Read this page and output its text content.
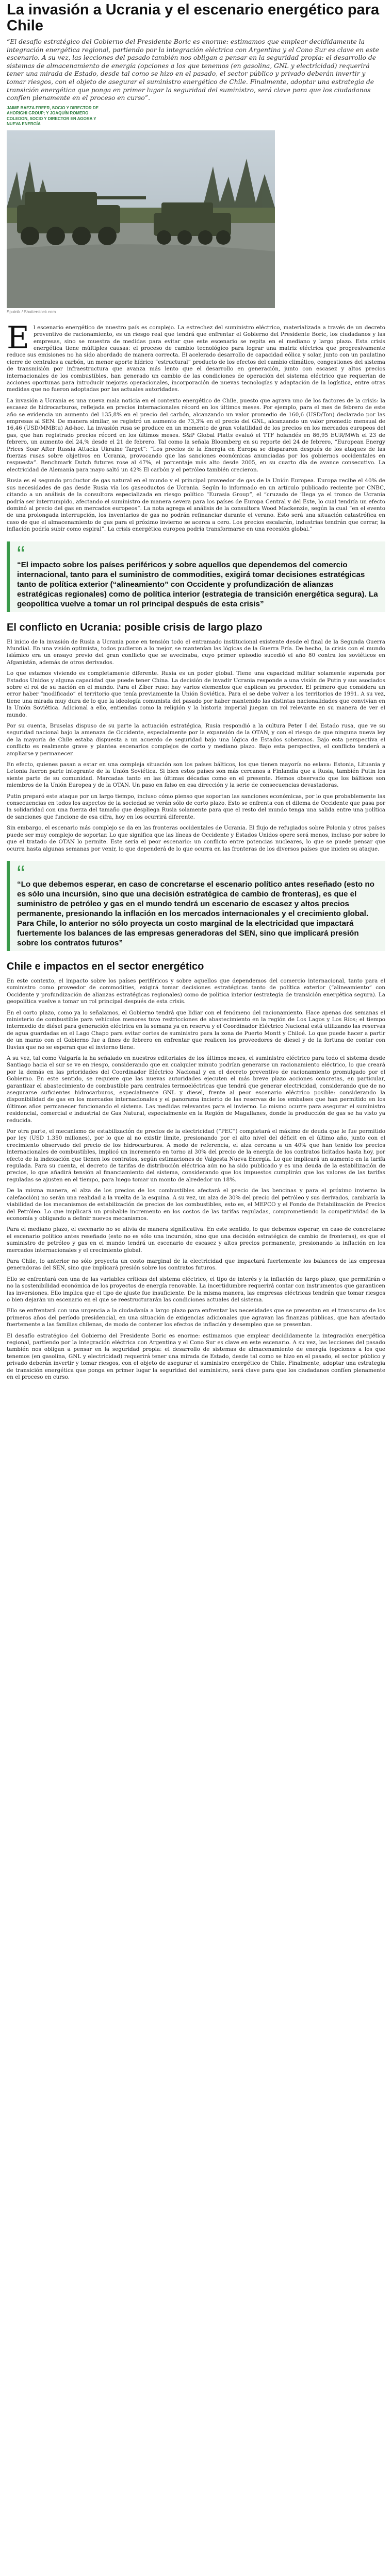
La invasión a Ucrania y el escenario energético para Chile

“El desafío estratégico del Gobierno del Presidente Boric es enorme: estimamos que emplear decididamente la integración energética regional, partiendo por la integración eléctrica con Argentina y el Cono Sur es clave en este escenario. A su vez, las lecciones del pasado también nos obligan a pensar en la seguridad propia: el desarrollo de sistemas de almacenamiento de energía (opciones a los que tenemos (en gasolina, GNL y electricidad) requerirá tener una mirada de Estado, desde tal como se hizo en el pasado, el sector público y privado deberán invertir y tomar riesgos, con el objeto de asegurar el suministro energético de Chile. Finalmente, adoptar una estrategia de transición energética que ponga en primer lugar la seguridad del suministro, será clave para que los ciudadanos confíen plenamente en el proceso en curso”.

JAIME BAEZA FREER, SOCIO Y DIRECTOR DE AHORIGHI GROUP; Y JOAQUÍN ROMERO COLEDON, SOCIO Y DIRECTOR EN AGORA Y NUEVA ENERGÍA
Sputnik / Shutterstock.com

El escenario energético de nuestro país es complejo. La estrechez del suministro eléctrico, materializada a través de un decreto preventivo de racionamiento, es un riesgo real que tendrá que enfrentar el Gobierno del Presidente Boric, los ciudadanos y las empresas, sino se muestra de medidas para evitar que este escenario se repita en el mediano y largo plazo. Esta crisis energética tiene múltiples causas: el proceso de cambio tecnológico para lograr una matriz eléctrica que progresivamente reduce sus emisiones no ha sido abordado de manera correcta. El acelerado desarrollo de capacidad eólica y solar, junto con un paulatino cierre de centrales a carbón, un menor aporte hídrico “estructural” producto de los efectos del cambio climático, congestiones del sistema de transmisión por infraestructura que avanza más lento que el desarrollo en generación, junto con escasez y altos precios internacionales de los combustibles, han generado un cambio de las condiciones de operación del sistema eléctrico que requerían de acciones oportunas para introducir mejoras operacionales, incorporación de nuevas tecnologías y adaptación de la logística, entre otras medidas que no fueron adoptadas por las actuales autoridades.

La invasión a Ucrania es una nueva mala noticia en el contexto energético de Chile, puesto que agrava uno de los factores de la crisis: la escasez de hidrocarburos, reflejada en precios internacionales récord en los últimos meses. Por ejemplo, para el mes de febrero de este año se evidencia un aumento del 135,8% en el precio del carbón, alcanzando un valor promedio de 160,6 (USD/Ton) declarado por las empresas al SEN. De manera similar, se registró un aumento de 73,3% en el precio del GNL, alcanzando un valor promedio mensual de 16,46 (USD/MMBtu) Ad-hoc. La invasión rusa se produce en un momento de gran volatilidad de los precios en los mercados europeos del gas, que han registrado precios récord en los últimos meses. S&P Global Platts evaluó el TTF holandés en 86,95 EUR/MWh el 23 de febrero, un aumento del 24,% desde el 21 de febrero. Tal como la señala Bloomberg en su reporte del 24 de febrero, “European Energy Prices Soar After Russia Attacks Ukraine Target”: “Los precios de la Energía en Europa se dispararon después de los ataques de las fuerzas rusas sobre objetivos en Ucrania, provocando que las sanciones económicas anunciadas por los gobiernos occidentales en respuesta”. Benchmark Dutch futures rose al 47%, el porcentaje más alto desde 2005, en su cuarto día de avance consecutivo. La electricidad de Alemania para mayo saltó un 42% El carbón y el petróleo también crecieron.

Rusia es el segundo productor de gas natural en el mundo y el principal proveedor de gas de la Unión Europea. Europa recibe el 40% de sus necesidades de gas desde Rusia vía los gaseoductos de Ucrania. Según lo informado en un artículo publicado reciente por CNBC, citando a un análisis de la consultora especializada en riesgo político “Eurasia Group”, el “cruzado de ‘Ilega ya el tronco de Ucrania podría ser interrumpido, afectando el suministro de manera severa para los países de Europa Central y del Este, lo cual tendría un efecto dominó al precio del gas en mercados europeos”. La nota agrega el análisis de la consultora Wood Mackenzie, según la cual “en el evento de una prolongada interrupción, los inventarios de gas no podrán refinanciar durante el verano. Esto será una situación catastrófica en caso de que el almacenamiento de gas para el próximo invierno se acerca a cero. Los precios escalarán, industrias tendrán que cerrar, la inflación podría subir como espiral”. La crisis energética europea podría transformarse en una recesión global.”

“
“El impacto sobre los países periféricos y sobre aquellos que dependemos del comercio internacional, tanto para el suministro de commodities, exigirá tomar decisiones estratégicas tanto de política exterior (“alineamiento” con Occidente y profundización de alianzas estratégicas regionales) como de política interior (estrategia de transición energética segura). La geopolítica vuelve a tomar un rol principal después de esta crisis”
El conflicto en Ucrania: posible crisis de largo plazo

El inicio de la invasión de Rusia a Ucrania pone en tensión todo el entramado institucional existente desde el final de la Segunda Guerra Mundial. En una visión optimista, todos pudieron a lo mejor, se mantenían las lógicas de la Guerra Fría. De hecho, la crisis con el mundo islámico era un ensayo previo del gran conflicto que se avecinaba, cuyo primer episodio sucedió el año 80 contra los soviéticos en Afganistán, además de otros derivados.

Lo que estamos viviendo es completamente diferente. Rusia es un poder global. Tiene una capacidad militar solamente superada por Estados Unidos y alguna capacidad que puede tener China. La decisión de invadir Ucrania responde a una visión de Putin y sus asociados sobre el rol de su nación en el mundo. Para el Zíber ruso: hay varios elementos que explican su proceder. El primero que considera un error haber “modificado” el territorio que tenía previamente la Unión Soviética. Para el se debe volver a los territorios de 1991. A su vez, tiene una mirada muy dura de lo que la ideología comunista del pasado por haber mantenido las distintas nacionalidades que convivían en la Unión Soviética. Adicional a ello, entiendas como la religión y la historia imperial juegan un rol relevante en su manera de ver el mundo.

Por su cuenta, Bruselas dispuso de su parte la actuación estratégica, Rusia respondió a la cultura Peter I del Estado rusa, que ve su seguridad nacional bajo la amenaza de Occidente, especialmente por la expansión de la OTAN, y con el riesgo de que ninguna nueva ley de la mayoría de Chile estaba dispuesta a un acuerdo de seguridad bajo una lógica de Estados soberanos. Bajo esta perspectiva el conflicto es realmente grave y plantea escenarios complejos de corto y mediano plazo. Bajo esta perspectiva, el conflicto tenderá a ampliarse y permanecer.

En efecto, quienes pasan a estar en una compleja situación son los países bálticos, los que tienen mayoría no eslava: Estonia, Lituania y Letonia fueron parte integrante de la Unión Soviética. Si bien estos países son más cercanos a Finlandia que a Rusia, también Putin los siente parte de su comunidad. Marcadas tanto en las últimas décadas como en el presente. Hemos observado que los bálticos son miembros de la Unión Europea y de la OTAN. Un paso en falso en esa dirección y la serie de consecuencias devastadoras.

Putin preparó este ataque por un largo tiempo, incluso cómo pienso que soportan las sanciones económicas, por lo que probablemente las consecuencias en todos los aspectos de la sociedad se verán sólo de corto plazo. Esto se enfrenta con el dilema de Occidente que pasa por la solidaridad con una fuerza del tamaño que despliega Rusia solamente para que el resto del mundo tenga una salida entre una política de sanciones que funcione de esa cifra, hoy en los ocurrirá diferente.

Sin embargo, el escenario más complejo se da en las fronteras occidentales de Ucrania. El flujo de refugiados sobre Polonia y otros países puede ser muy complejo de soportar. Lo que significa que las líneas de Occidente y Estados Unidos opere será menos, incluso por sobre lo que el tratado de OTAN lo permite. Este sería el peor escenario: un conflicto entre potencias nucleares, lo que se puede pensar que ocurra hasta algunas semanas por venir, lo que dependerá de lo que ocurra en las fronteras de los diversos países que inicien su ataque.

“
“Lo que debemos esperar, en caso de concretarse el escenario político antes reseñado (esto no es sólo una incursión, sino que una decisión estratégica de cambio de fronteras), es que el suministro de petróleo y gas en el mundo tendrá un escenario de escasez y altos precios permanente, presionando la inflación en los mercados internacionales y el crecimiento global. Para Chile, lo anterior no sólo proyecta un costo marginal de la electricidad que impactará fuertemente los balances de las empresas generadoras del SEN, sino que implicará presión sobre los contratos futuros”
Chile e impactos en el sector energético

En este contexto, el impacto sobre los países periféricos y sobre aquellos que dependemos del comercio internacional, tanto para el suministro como proveedor de commodities, exigirá tomar decisiones estratégicas tanto de política exterior (“alineamiento” con Occidente y profundización de alianzas estratégicas regionales) como de política interior (estrategia de transición energética segura). La geopolítica vuelve a tomar un rol principal después de esta crisis.

En el corto plazo, como ya lo señalamos, el Gobierno tendrá que lidiar con el fenómeno del racionamiento. Hace apenas dos semanas el ministerio de combustible para vehículos menores tuvo restricciones de abastecimiento en la región de Los Lagos y Los Ríos; el tiempo intermedio de diésel para generación eléctrica en la semana ya en reserva y el Coordinador Eléctrico Nacional está utilizando las reservas de agua guardadas en el Lago Chapo para evitar cortes de suministro para la zona de Puerto Montt y Chiloé. Lo que puede hacer a partir de un marzo con el Gobierno fue a fines de febrero en enfrentar que realicen los proveedores de diesel y de la fortuna de contar con lluvias que no se esperan que el invierno tiene.

A su vez, tal como Valgaría la ha señalado en nuestros editoriales de los últimos meses, el suministro eléctrico para todo el sistema desde Santiago hacia el sur se ve en riesgo, considerando que en cualquier minuto podrían generarse un racionamiento eléctrico, lo que creará por la demás en las prioridades del Coordinador Eléctrico Nacional y en el decreto preventivo de racionamiento promulgado por el Gobierno. En este sentido, se requiere que las nuevas autoridades ejecuten el más breve plazo acciones concretas, en particular, garantizar el abastecimiento de combustible para centrales termoeléctricas que tendrá que generar electricidad, considerando que de no asegurarse suficientes hidrocarburos, especialmente GNL y diesel, frente al peor escenario eléctrico posible: considerando la disponibilidad de gas en los mercados internacionales y el panorama incierto de las reservas de los embalses que han permitido en los últimos años permanecer funcionando el sistema. Las medidas relevantes para el invierno. Lo mismo ocurre para asegurar el suministro residencial, comercial e industrial de Gas Natural, especialmente en la Región de Magallanes, donde la producción de gas se ha visto ya reducida.

Por otra parte, el mecanismo de estabilización de precios de la electricidad (“PEC”) completará el máximo de deuda que le fue permitido por ley (USD 1.350 millones), por lo que al no existir límite, presionando por el alto nivel del déficit en el último año, junto con el crecimiento observado del precio de los hidrocarburos. A modo de referencia, el alza cercana a un 40% que han tenido los precios internacionales de combustibles, implicó un incremento en torno al 30% del precio de la energía de los contratos licitados hasta hoy, por efecto de la indexación que tienen los contratos, según estimaciones de Valgesta Nueva Energía. Lo que implicará un aumento en la tarifa regulada. Para su cuenta, el decreto de tarifas de distribución eléctrica aún no ha sido publicado y es una deuda de la estabilización de precios, lo que añadirá tensión al financiamiento del sistema, considerando que los impuestos cumplirán que los valores de las tarifas reguladas se ajusten en el tiempo, para luego tomar un monto de alrededor un 18%.

De la misma manera, el alza de los precios de los combustibles afectará el precio de las bencinas y para el próximo invierno la calefacción) no serán una realidad a la vuelta de la esquina. A su vez, un alza de 30% del precio del petróleo y sus derivados, cambiaría la viabilidad de los mecanismos de estabilización de precios de los combustibles, esto es, el MEPCO y el Fondo de Estabilización de Precios del Petróleo. Lo que implicará un probable incremento en los costos de las tarifas reguladas, comprometiendo la competitividad de la economía y obligando a definir nuevos mecanismos.

Para el mediano plazo, el escenario no se alivia de manera significativa. En este sentido, lo que debemos esperar, en caso de concretarse el escenario político antes reseñado (esto no es sólo una incursión, sino que una decisión estratégica de cambio de fronteras), es que el suministro de petróleo y gas en el mundo tendrá un escenario de escasez y altos precios permanente, presionando la inflación en los mercados internacionales y el crecimiento global.

Para Chile, lo anterior no sólo proyecta un costo marginal de la electricidad que impactará fuertemente los balances de las empresas generadoras del SEN, sino que implicará presión sobre los contratos futuros.

Ello se enfrentará con una de las variables críticas del sistema eléctrico, el tipo de interés y la inflación de largo plazo, que permitirán o no la sostenibilidad económica de los proyectos de energía renovable. La incertidumbre requerirá contar con instrumentos que garanticen las inversiones. Ello implica que el tipo de ajuste fue insuficiente. De la misma manera, las empresas eléctricas tendrán que tomar riesgos o bien dejarán un escenario en el que se reestructurarán las condiciones actuales del sistema.

Ello se enfrentará con una urgencia a la ciudadanía a largo plazo para enfrentar las necesidades que se presentan en el transcurso de los primeros años del período presidencial, en una situación de exigencias adicionales que agravan las finanzas públicas, que han afectado fuertemente a las familias chilenas, de modo de contener los efectos de inflación y desempleo que se presentan.

El desafío estratégico del Gobierno del Presidente Boric es enorme: estimamos que emplear decididamente la integración energética regional, partiendo por la integración eléctrica con Argentina y el Cono Sur es clave en este escenario. A su vez, las lecciones del pasado también nos obligan a pensar en la seguridad propia: el desarrollo de sistemas de almacenamiento de energía (opciones a los que tenemos (en gasolina, GNL y electricidad) requerirá tener una mirada de Estado, desde tal como se hizo en el pasado, el sector público y privado deberán invertir y tomar riesgos, con el objeto de asegurar el suministro energético de Chile. Finalmente, adoptar una estrategia de transición energética que ponga en primer lugar la seguridad del suministro, será clave para que los ciudadanos confíen plenamente en el proceso en curso.
